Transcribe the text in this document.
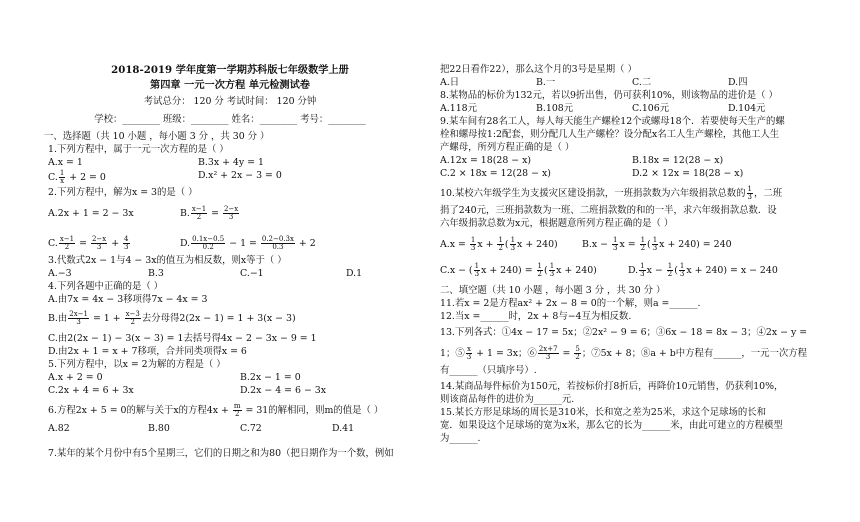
2018-2019 学年度第一学期苏科版七年级数学上册
第四章 一元一次方程 单元检测试卷
考试总分： 120 分 考试时间： 120 分钟
学校：________ 班级：________ 姓名：________ 考号：________
一、选择题（共 10 小题 ，每小题 3 分 ，共 30 分 ）
1.下列方程中，属于一元一次方程的是（ ）
A.x = 1	B.3x + 4y = 1
C. $\frac{1}{x} + 2 = 0$	D.x² + 2x − 3 = 0
2.下列方程中，解为x = 3的是（ ）
A.2x + 1 = 2 − 3x	B. $\frac{x-1}{2} = \frac{2-x}{3}$
C. $\frac{x-1}{2} = \frac{2-x}{3} + \frac{4}{3}$	D. $\frac{0.1x-0.5}{0.2} - 1 = \frac{0.2-0.3x}{0.3} + 2$
3.代数式2x − 1与4 − 3x的值互为相反数，则x等于（ ）
A.−3	B.3	C.−1	D.1
4.下列各题中正确的是（ ）
A.由7x = 4x − 3移项得7x − 4x = 3
B.由 $\frac{2x-1}{3} = 1 + \frac{x-3}{2}$ 去分母得2(2x − 1) = 1 + 3(x − 3)
C.由2(2x − 1) − 3(x − 3) = 1去括号得4x − 2 − 3x − 9 = 1
D.由2x + 1 = x + 7移项，合并同类项得x = 6
5.下列方程中，以x = 2为解的方程是（ ）
A.x + 2 = 0	B.2x − 1 = 0
C.2x + 4 = 6 + 3x	D.2x − 4 = 6 − 3x
6.方程2x + 5 = 0的解与关于x的方程$4x + \frac{m}{2} = 31$的解相同，则m的值是（ ）
A.82	B.80	C.72	D.41
7.某年的某个月份中有5个星期三，它们的日期之和为80（把日期作为一个数，例如
把22日看作22），那么这个月的3号是星期（ ）
A.日	B.一	C.二	D.四
8.某物品的标价为132元，若以9折出售，仍可获利10%，则该物品的进价是（ ）
A.118元	B.108元	C.106元	D.104元
9.某车间有28名工人，每人每天能生产螺栓12个或螺母18个．若要使每天生产的螺
栓和螺母按1:2配套，则分配几人生产螺栓？设分配x名工人生产螺栓，其他工人生
产螺母，所列方程正确的是（ ）
A.12x = 18(28 − x)	B.18x = 12(28 − x)
C.2 × 18x = 12(28 − x)	D.2 × 12x = 18(28 − x)
10.某校六年级学生为支援灾区建设捐款，一班捐款数为六年级捐款总数的 $\frac{1}{3}$ ，二班
捐了240元，三班捐款数为一班、二班捐款数的和的一半，求六年级捐款总数．设
六年级捐款总数为x元，根据题意所列方程正确的是（ ）
$A.x = \frac{1}{3}$ $x + \frac{1}{2}$ ( $\frac{1}{3}$ x + 240)	$B.x - \frac{1}{3}$ $x = \frac{1}{2}$ ( $\frac{1}{3}$ x + 240) = 240
C.x − ( $\frac{1}{3}$ $x + 240) = \frac{1}{2}$ ( $\frac{1}{3}$ x + 240)	D. $\frac{1}{3}$ $x - \frac{1}{2}$ ( $\frac{1}{3}$ x + 240) = x − 240
二、填空题（共 10 小题 ，每小题 3 分 ，共 30 分 ）
11.若x = 2是方程ax² + 2x − 8 = 0的一个解，则a =______.
12.当x =______时，2x + 8与−4互为相反数.
13.下列各式：①4x − 17 = 5x；②2x² − 9 = 6；③6x − 18 = 8x − 3；④2x − y =
1；⑤ $\frac{x}{3} + 1 = 3x$；⑥ $\frac{2x+7}{3} = \frac{5}{2}$ ；⑦5x + 8；⑧a + b中方程有______，一元一次方程
有______（只填序号）.
14.某商品每件标价为150元，若按标价打8折后，再降价10元销售，仍获利10%，
则该商品每件的进价为______元.
15.某长方形足球场的周长是310米，长和宽之差为25米，求这个足球场的长和
宽．如果设这个足球场的宽为x米，那么它的长为______米，由此可建立的方程模型
为______.
